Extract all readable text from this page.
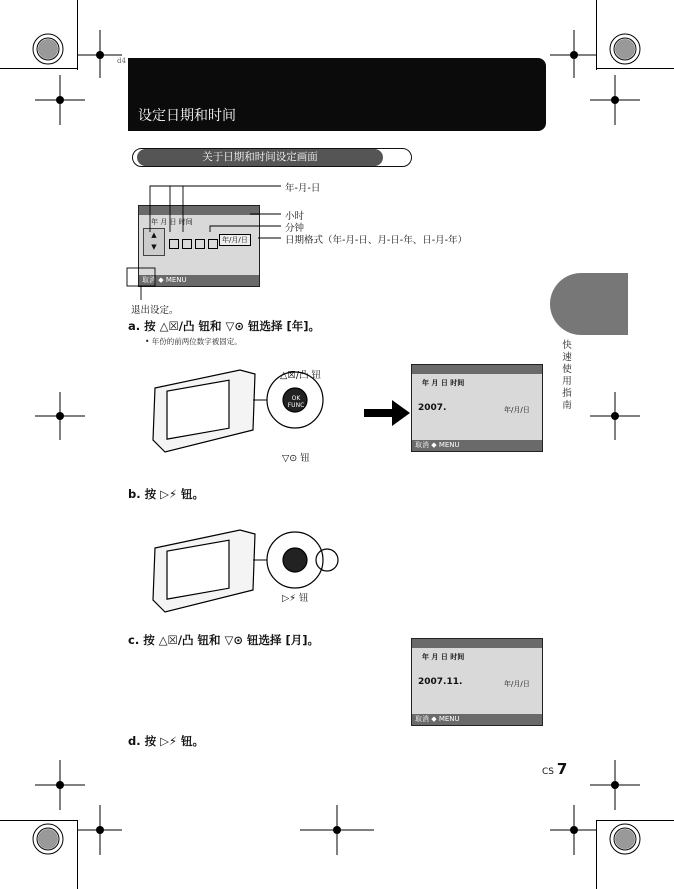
d4
设定日期和时间
关于日期和时间设定画面
年 月 日 时间
▲
▼
年/月/日
取消 ◆ MENU
年-月-日
小时
分钟
日期格式（年-月-日、月-日-年、日-月-年）
退出设定。
a. 按 △☒/凸 钮和 ▽⊙ 钮选择 [年]。
• 年份的前两位数字被固定。
OK FUNC
△☒/凸 钮
▽⊙ 钮
年 月 日 时间
2007.	年/月/日
取消 ◆ MENU
b. 按 ▷⚡ 钮。
▷⚡ 钮
c. 按 △☒/凸 钮和 ▽⊙ 钮选择 [月]。
年 月 日 时间
2007.11.	年/月/日
取消 ◆ MENU
d. 按 ▷⚡ 钮。
快速使用指南
CS 7
